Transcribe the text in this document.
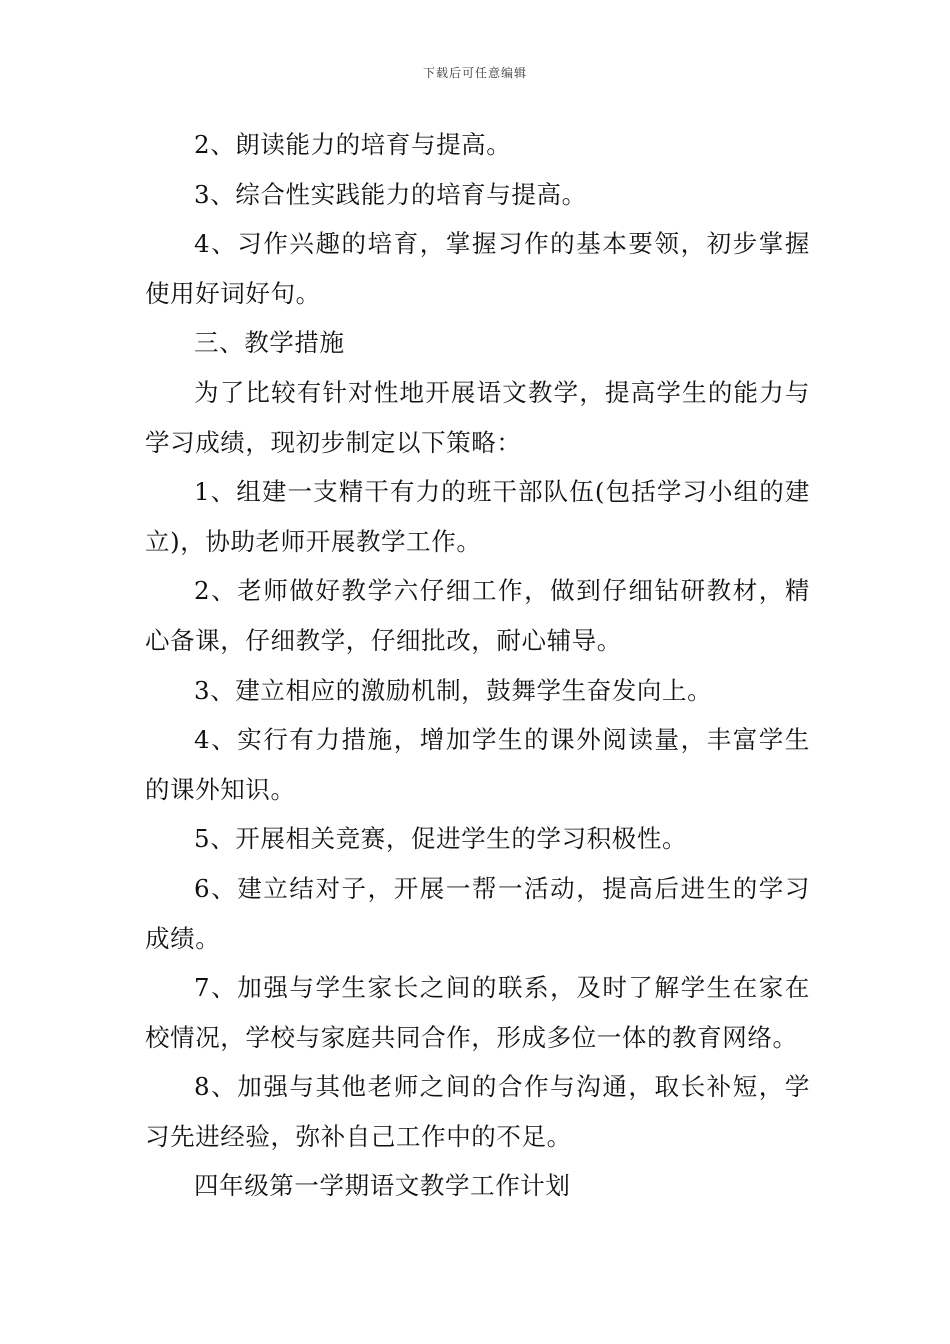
下载后可任意编辑

2、朗读能力的培育与提高。

3、综合性实践能力的培育与提高。

4、习作兴趣的培育，掌握习作的基本要领，初步掌握使用好词好句。

三、教学措施

为了比较有针对性地开展语文教学，提高学生的能力与学习成绩，现初步制定以下策略：

1、组建一支精干有力的班干部队伍(包括学习小组的建立)，协助老师开展教学工作。

2、老师做好教学六仔细工作，做到仔细钻研教材，精心备课，仔细教学，仔细批改，耐心辅导。

3、建立相应的激励机制，鼓舞学生奋发向上。

4、实行有力措施，增加学生的课外阅读量，丰富学生的课外知识。

5、开展相关竞赛，促进学生的学习积极性。

6、建立结对子，开展一帮一活动，提高后进生的学习成绩。

7、加强与学生家长之间的联系，及时了解学生在家在校情况，学校与家庭共同合作，形成多位一体的教育网络。

8、加强与其他老师之间的合作与沟通，取长补短，学习先进经验，弥补自己工作中的不足。

四年级第一学期语文教学工作计划
